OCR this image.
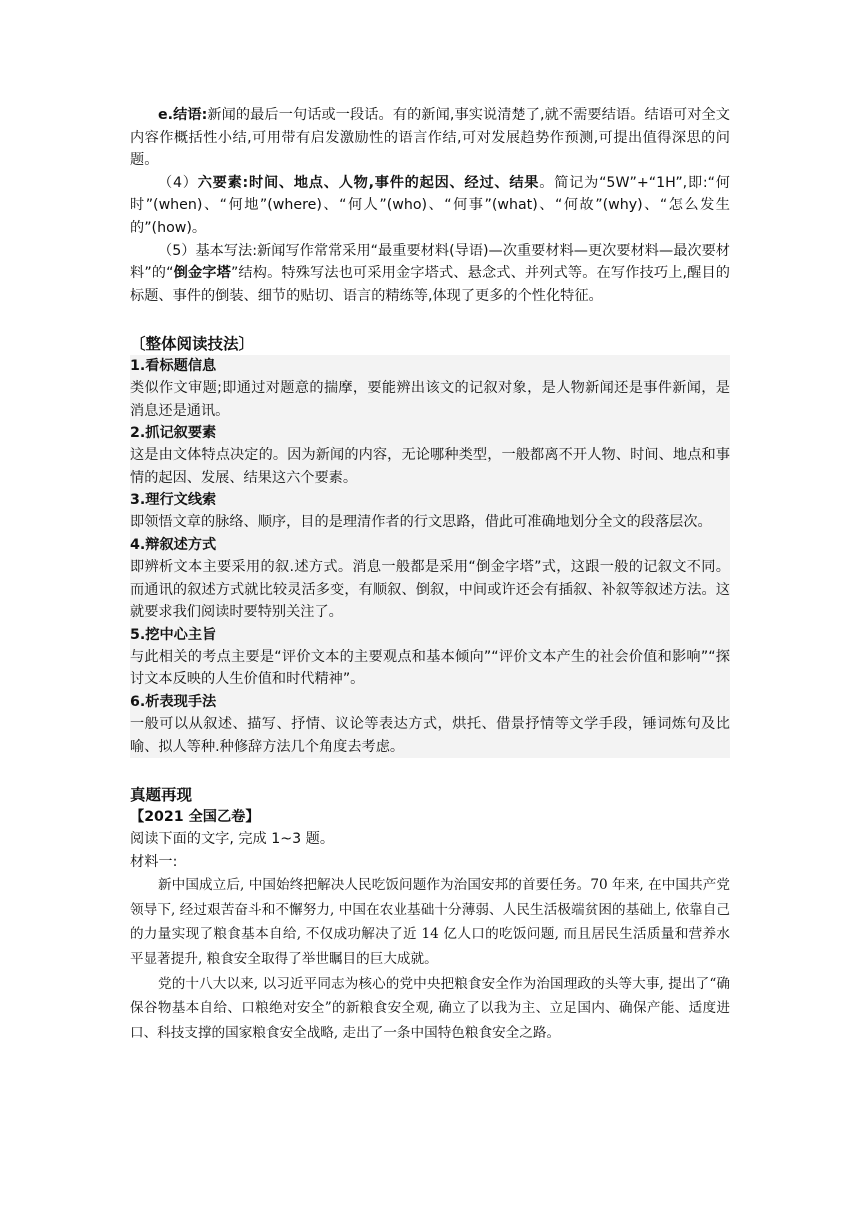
e.结语:新闻的最后一句话或一段话。有的新闻,事实说清楚了,就不需要结语。结语可对全文内容作概括性小结,可用带有启发激励性的语言作结,可对发展趋势作预测,可提出值得深思的问题。

（4）六要素:时间、地点、人物,事件的起因、经过、结果。简记为“5W”+“1H”,即:“何时”(when)、“何地”(where)、“何人”(who)、“何事”(what)、“何故”(why)、“怎么发生的”(how)。

（5）基本写法:新闻写作常常采用“最重要材料(导语)—次重要材料—更次要材料—最次要材料”的“倒金字塔”结构。特殊写法也可采用金字塔式、悬念式、并列式等。在写作技巧上,醒目的标题、事件的倒装、细节的贴切、语言的精练等,体现了更多的个性化特征。

〔整体阅读技法〕
1.看标题信息

类似作文审题;即通过对题意的揣摩，要能辨出该文的记叙对象，是人物新闻还是事件新闻，是消息还是通讯。

2.抓记叙要素

这是由文体特点决定的。因为新闻的内容，无论哪种类型，一般都离不开人物、时间、地点和事情的起因、发展、结果这六个要素。

3.理行文线索

即领悟文章的脉络、顺序，目的是理清作者的行文思路，借此可准确地划分全文的段落层次。

4.辩叙述方式

即辨析文本主要采用的叙.述方式。消息一般都是采用“倒金字塔”式，这跟一般的记叙文不同。而通讯的叙述方式就比较灵活多变，有顺叙、倒叙，中间或许还会有插叙、补叙等叙述方法。这就要求我们阅读时要特别关注了。

5.挖中心主旨

与此相关的考点主要是“评价文本的主要观点和基本倾向”“评价文本产生的社会价值和影响”“探讨文本反映的人生价值和时代精神”。

6.析表现手法

一般可以从叙述、描写、抒情、议论等表达方式，烘托、借景抒情等文学手段，锤词炼句及比喻、拟人等种.种修辞方法几个角度去考虑。

真题再现
【2021 全国乙卷】

阅读下面的文字, 完成 1~3 题。

材料一:

新中国成立后, 中国始终把解决人民吃饭问题作为治国安邦的首要任务。70 年来, 在中国共产党领导下, 经过艰苦奋斗和不懈努力, 中国在农业基础十分薄弱、人民生活极端贫困的基础上, 依靠自己的力量实现了粮食基本自给, 不仅成功解决了近 14 亿人口的吃饭问题, 而且居民生活质量和营养水平显著提升, 粮食安全取得了举世瞩目的巨大成就。

党的十八大以来, 以习近平同志为核心的党中央把粮食安全作为治国理政的头等大事, 提出了“确保谷物基本自给、口粮绝对安全”的新粮食安全观, 确立了以我为主、立足国内、确保产能、适度进口、科技支撑的国家粮食安全战略, 走出了一条中国特色粮食安全之路。
